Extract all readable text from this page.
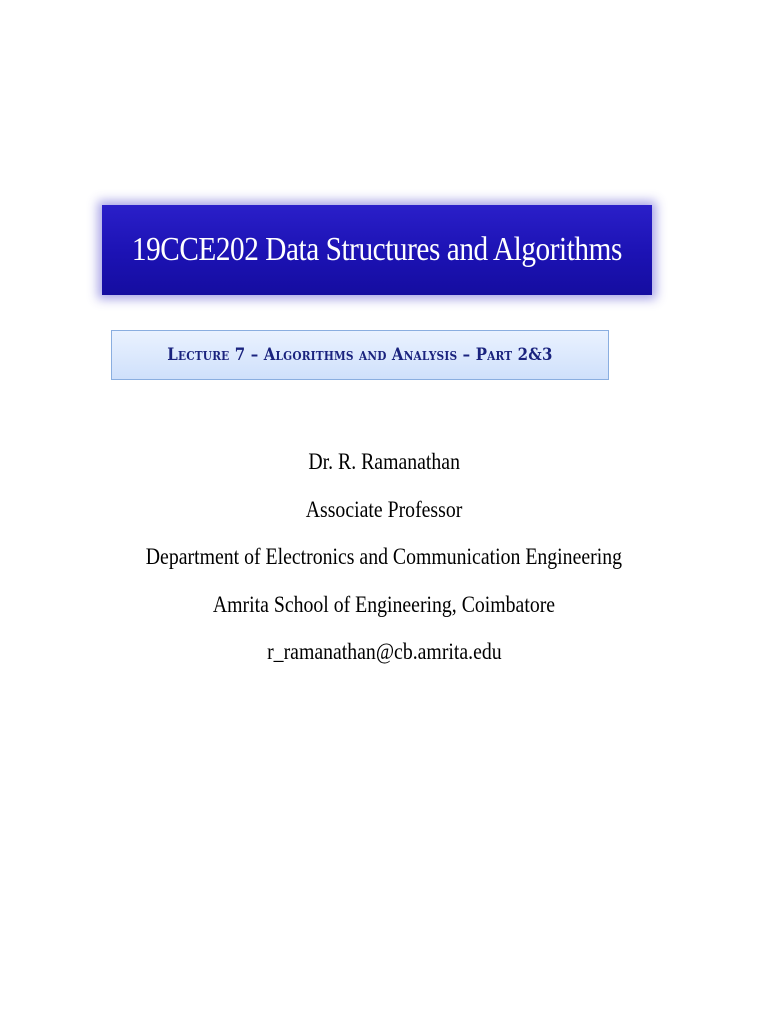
19CCE202 Data Structures and Algorithms
Lecture 7 – Algorithms and Analysis – Part 2&3
Dr. R. Ramanathan
Associate Professor
Department of Electronics and Communication Engineering
Amrita School of Engineering, Coimbatore
r_ramanathan@cb.amrita.edu
